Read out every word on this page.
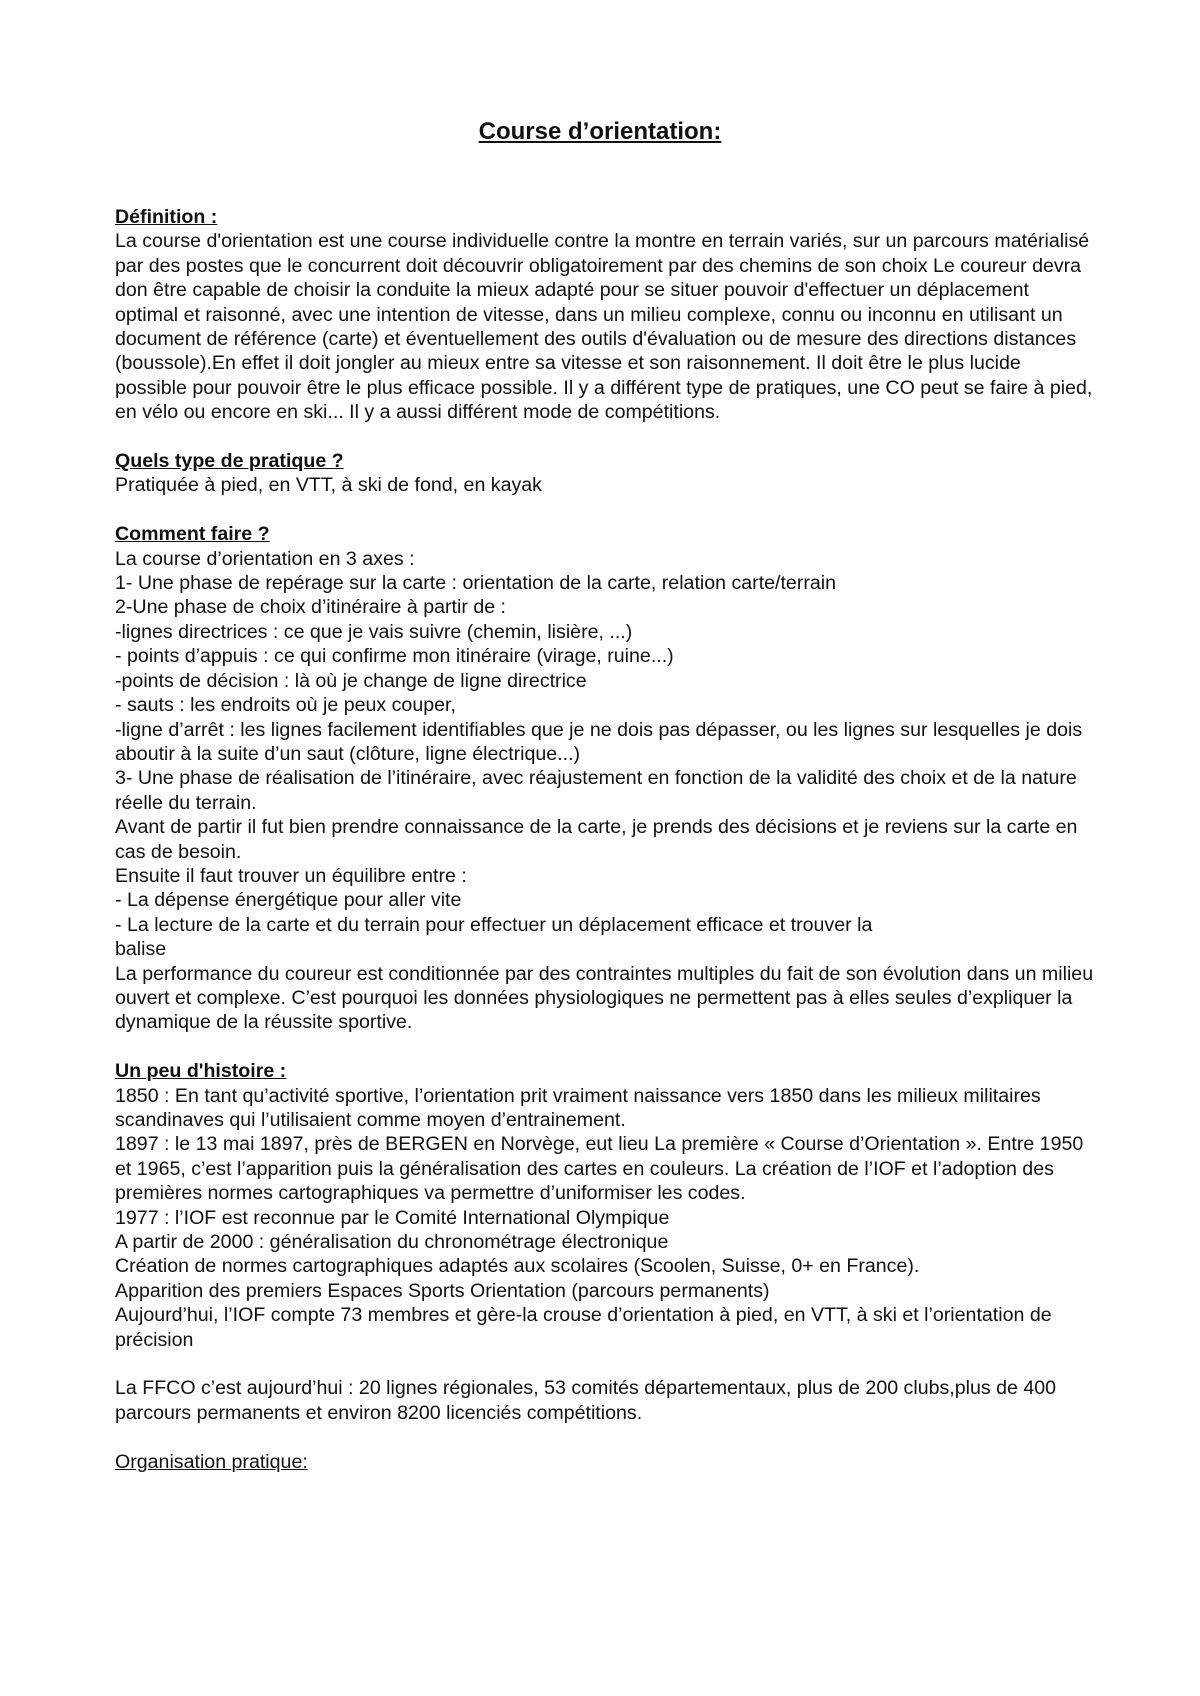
Course d’orientation:
Définition :

La course d'orientation est une course individuelle contre la montre en terrain variés, sur un parcours matérialisé par des postes que le concurrent doit découvrir obligatoirement par des chemins de son choix Le coureur devra don être capable de choisir la conduite la mieux adapté pour se situer pouvoir d'effectuer un déplacement optimal et raisonné, avec une intention de vitesse, dans un milieu complexe, connu ou inconnu en utilisant un document de référence (carte) et éventuellement des outils d'évaluation ou de mesure des directions distances (boussole).En effet il doit jongler au mieux entre sa vitesse et son raisonnement. Il doit être le plus lucide possible pour pouvoir être le plus efficace possible. Il y a différent type de pratiques, une CO peut se faire à pied, en vélo ou encore en ski... Il y a aussi différent mode de compétitions.

Quels type de pratique ?

Pratiquée à pied, en VTT, à ski de fond, en kayak

Comment faire ?

La course d’orientation en 3 axes :

1- Une phase de repérage sur la carte : orientation de la carte, relation carte/terrain

2-Une phase de choix d’itinéraire à partir de :

-lignes directrices : ce que je vais suivre (chemin, lisière, ...)

- points d’appuis : ce qui confirme mon itinéraire (virage, ruine...)

-points de décision : là où je change de ligne directrice

- sauts : les endroits où je peux couper,

-ligne d’arrêt : les lignes facilement identifiables que je ne dois pas dépasser, ou les lignes sur lesquelles je dois aboutir à la suite d’un saut (clôture, ligne électrique...)

3- Une phase de réalisation de l’itinéraire, avec réajustement en fonction de la validité des choix et de la nature réelle du terrain.

Avant de partir il fut bien prendre connaissance de la carte, je prends des décisions et je reviens sur la carte en cas de besoin.

Ensuite il faut trouver un équilibre entre :

- La dépense énergétique pour aller vite

- La lecture de la carte et du terrain pour effectuer un déplacement efficace et trouver la

balise

La performance du coureur est conditionnée par des contraintes multiples du fait de son évolution dans un milieu ouvert et complexe. C’est pourquoi les données physiologiques ne permettent pas à elles seules d’expliquer la dynamique de la réussite sportive.

Un peu d'histoire :

1850 : En tant qu’activité sportive, l’orientation prit vraiment naissance vers 1850 dans les milieux militaires scandinaves qui l’utilisaient comme moyen d’entrainement.

1897 : le 13 mai 1897, près de BERGEN en Norvège, eut lieu La première « Course d’Orientation ». Entre 1950 et 1965, c’est l’apparition puis la généralisation des cartes en couleurs. La création de l’IOF et l’adoption des premières normes cartographiques va permettre d’uniformiser les codes.

1977 : l’IOF est reconnue par le Comité International Olympique

A partir de 2000 : généralisation du chronométrage électronique

Création de normes cartographiques adaptés aux scolaires (Scoolen, Suisse, 0+ en France).

Apparition des premiers Espaces Sports Orientation (parcours permanents)

Aujourd’hui, l’IOF compte 73 membres et gère-la crouse d’orientation à pied, en VTT, à ski et l’orientation de précision

La FFCO c’est aujourd’hui : 20 lignes régionales, 53 comités départementaux, plus de 200 clubs,plus de 400 parcours permanents et environ 8200 licenciés compétitions.

Organisation pratique:
